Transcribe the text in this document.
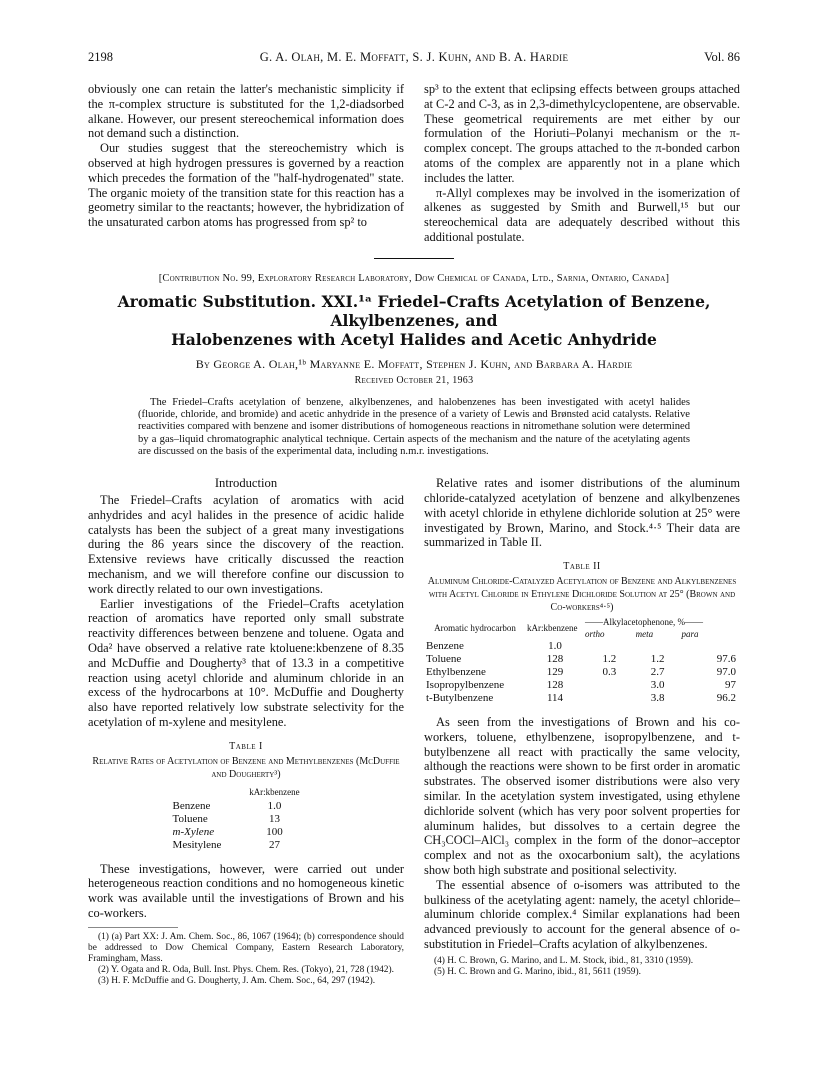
2198	G. A. Olah, M. E. Moffatt, S. J. Kuhn, and B. A. Hardie	Vol. 86

obviously one can retain the latter's mechanistic simplicity if the π-complex structure is substituted for the 1,2-diadsorbed alkane. However, our present stereochemical information does not demand such a distinction.

Our studies suggest that the stereochemistry which is observed at high hydrogen pressures is governed by a reaction which precedes the formation of the "half-hydrogenated" state. The organic moiety of the transition state for this reaction has a geometry similar to the reactants; however, the hybridization of the unsaturated carbon atoms has progressed from sp² to

sp³ to the extent that eclipsing effects between groups attached at C-2 and C-3, as in 2,3-dimethylcyclopentene, are observable. These geometrical requirements are met either by our formulation of the Horiuti–Polanyi mechanism or the π-complex concept. The groups attached to the π-bonded carbon atoms of the complex are apparently not in a plane which includes the latter.

π-Allyl complexes may be involved in the isomerization of alkenes as suggested by Smith and Burwell,¹⁵ but our stereochemical data are adequately described without this additional postulate.

[Contribution No. 99, Exploratory Research Laboratory, Dow Chemical of Canada, Ltd., Sarnia, Ontario, Canada]
Aromatic Substitution. XXI.¹ᵃ Friedel–Crafts Acetylation of Benzene, Alkylbenzenes, and
Halobenzenes with Acetyl Halides and Acetic Anhydride
By George A. Olah,¹ᵇ Maryanne E. Moffatt, Stephen J. Kuhn, and Barbara A. Hardie
Received October 21, 1963
The Friedel–Crafts acetylation of benzene, alkylbenzenes, and halobenzenes has been investigated with acetyl halides (fluoride, chloride, and bromide) and acetic anhydride in the presence of a variety of Lewis and Brønsted acid catalysts. Relative reactivities compared with benzene and isomer distributions of homogeneous reactions in nitromethane solution were determined by a gas–liquid chromatographic analytical technique. Certain aspects of the mechanism and the nature of the acetylating agents are discussed on the basis of the experimental data, including n.m.r. investigations.
Introduction

The Friedel–Crafts acylation of aromatics with acid anhydrides and acyl halides in the presence of acidic halide catalysts has been the subject of a great many investigations during the 86 years since the discovery of the reaction. Extensive reviews have critically discussed the reaction mechanism, and we will therefore confine our discussion to work directly related to our own investigations.

Earlier investigations of the Friedel–Crafts acetylation reaction of aromatics have reported only small substrate reactivity differences between benzene and toluene. Ogata and Oda² have observed a relative rate ktoluene:kbenzene of 8.35 and McDuffie and Dougherty³ that of 13.3 in a competitive reaction using acetyl chloride and aluminum chloride in an excess of the hydrocarbons at 10°. McDuffie and Dougherty also have reported relatively low substrate selectivity for the acetylation of m-xylene and mesitylene.

Table I
Relative Rates of Acetylation of Benzene and Methylbenzenes (McDuffie and Dougherty³)
	kAr:kbenzene
Benzene	1.0
Toluene	13
m-Xylene	100
Mesitylene	27

These investigations, however, were carried out under heterogeneous reaction conditions and no homogeneous kinetic work was available until the investigations of Brown and his co-workers.

(1) (a) Part XX: J. Am. Chem. Soc., 86, 1067 (1964); (b) correspondence should be addressed to Dow Chemical Company, Eastern Research Laboratory, Framingham, Mass.
(2) Y. Ogata and R. Oda, Bull. Inst. Phys. Chem. Res. (Tokyo), 21, 728 (1942).
(3) H. F. McDuffie and G. Dougherty, J. Am. Chem. Soc., 64, 297 (1942).

Relative rates and isomer distributions of the aluminum chloride-catalyzed acetylation of benzene and alkylbenzenes with acetyl chloride in ethylene dichloride solution at 25° were investigated by Brown, Marino, and Stock.⁴·⁵ Their data are summarized in Table II.

Table II
Aluminum Chloride-Catalyzed Acetylation of Benzene and Alkylbenzenes with Acetyl Chloride in Ethylene Dichloride Solution at 25° (Brown and Co-workers⁴·⁵)
Aromatic hydrocarbon	kAr:kbenzene	——Alkylacetophenone, %——		
		ortho	meta	para
Benzene	1.0			
Toluene	128	1.2	1.2	97.6
Ethylbenzene	129	0.3	2.7	97.0
Isopropylbenzene	128		3.0	97
t-Butylbenzene	114		3.8	96.2

As seen from the investigations of Brown and his co-workers, toluene, ethylbenzene, isopropylbenzene, and t-butylbenzene all react with practically the same velocity, although the reactions were shown to be first order in aromatic substrates. The observed isomer distributions were also very similar. In the acetylation system investigated, using ethylene dichloride solvent (which has very poor solvent properties for aluminum halides, but dissolves to a certain degree the CH₃COCl–AlCl₃ complex in the form of the donor–acceptor complex and not as the oxocarbonium salt), the acylations show both high substrate and positional selectivity.

The essential absence of o-isomers was attributed to the bulkiness of the acetylating agent: namely, the acetyl chloride–aluminum chloride complex.⁴ Similar explanations had been advanced previously to account for the general absence of o-substitution in Friedel–Crafts acylation of alkylbenzenes.

(4) H. C. Brown, G. Marino, and L. M. Stock, ibid., 81, 3310 (1959).
(5) H. C. Brown and G. Marino, ibid., 81, 5611 (1959).
